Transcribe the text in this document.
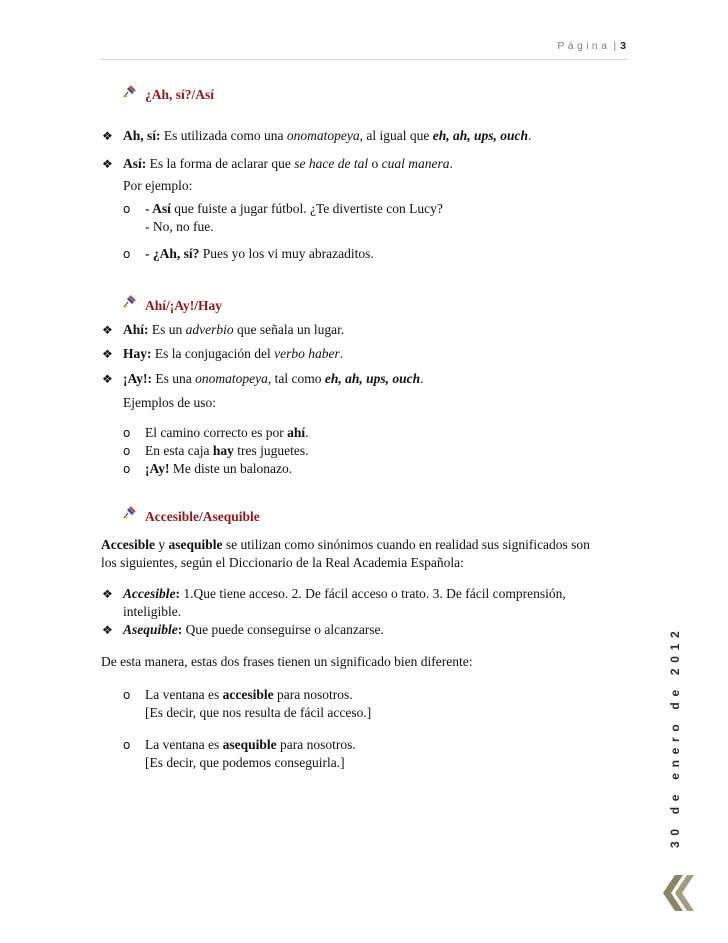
Página | 3
¿Ah, sí?/Así
❖ Ah, sí: Es utilizada como una onomatopeya, al igual que eh, ah, ups, ouch.
❖ Así: Es la forma de aclarar que se hace de tal o cual manera.
Por ejemplo:
o - Así que fuiste a jugar fútbol. ¿Te divertiste con Lucy?
- No, no fue.
o - ¿Ah, sí? Pues yo los vi muy abrazaditos.
Ahí/¡Ay!/Hay
❖ Ahí: Es un adverbio que señala un lugar.
❖ Hay: Es la conjugación del verbo haber.
❖ ¡Ay!: Es una onomatopeya, tal como eh, ah, ups, ouch.
Ejemplos de uso:
o El camino correcto es por ahí.
o En esta caja hay tres juguetes.
o ¡Ay! Me diste un balonazo.
Accesible/Asequible
Accesible y asequible se utilizan como sinónimos cuando en realidad sus significados son
los siguientes, según el Diccionario de la Real Academia Española:
❖ Accesible: 1.Que tiene acceso. 2. De fácil acceso o trato. 3. De fácil comprensión,
inteligible.
❖ Asequible: Que puede conseguirse o alcanzarse.
De esta manera, estas dos frases tienen un significado bien diferente:
o La ventana es accesible para nosotros.
[Es decir, que nos resulta de fácil acceso.]
o La ventana es asequible para nosotros.
[Es decir, que podemos conseguirla.]	30 de enero de 2012
